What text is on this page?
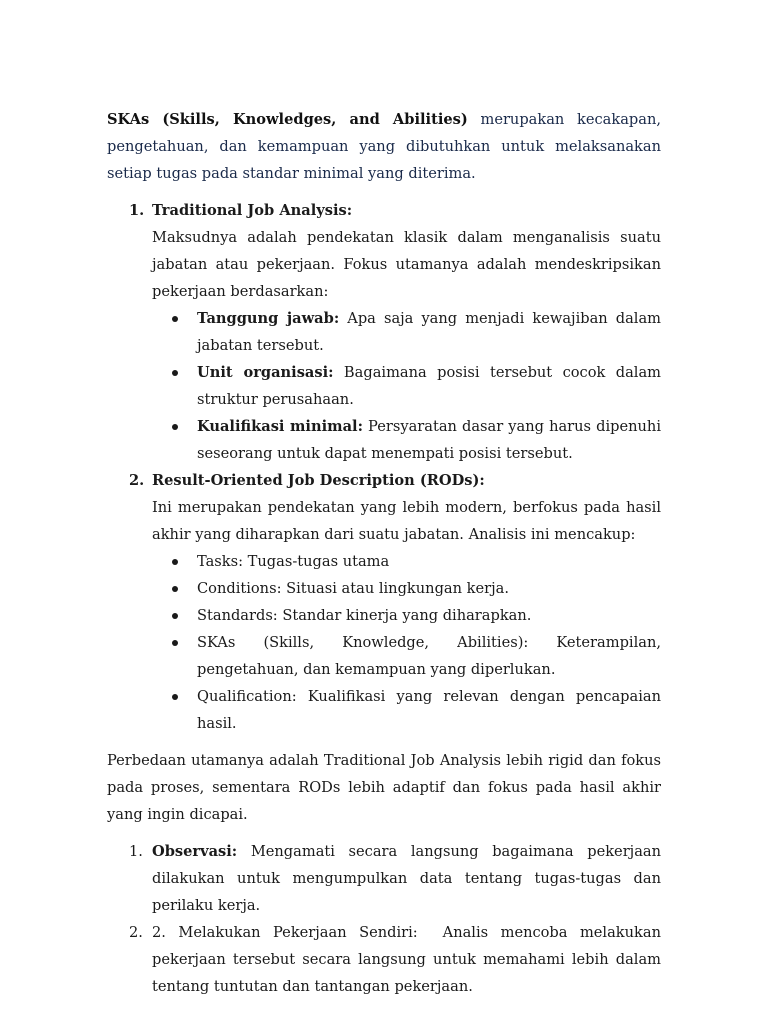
SKAs (Skills, Knowledges, and Abilities) merupakan kecakapan, pengetahuan, dan kemampuan yang dibutuhkan untuk melaksanakan setiap tugas pada standar minimal yang diterima.

1. Traditional Job Analysis:

Maksudnya adalah pendekatan klasik dalam menganalisis suatu jabatan atau pekerjaan. Fokus utamanya adalah mendeskripsikan pekerjaan berdasarkan:

Tanggung jawab: Apa saja yang menjadi kewajiban dalam jabatan tersebut.
Unit organisasi: Bagaimana posisi tersebut cocok dalam struktur perusahaan.
Kualifikasi minimal: Persyaratan dasar yang harus dipenuhi seseorang untuk dapat menempati posisi tersebut.
2. Result-Oriented Job Description (RODs):

Ini merupakan pendekatan yang lebih modern, berfokus pada hasil akhir yang diharapkan dari suatu jabatan. Analisis ini mencakup:

Tasks: Tugas-tugas utama
Conditions: Situasi atau lingkungan kerja.
Standards: Standar kinerja yang diharapkan.
SKAs (Skills, Knowledge, Abilities): Keterampilan, pengetahuan, dan kemampuan yang diperlukan.
Qualification: Kualifikasi yang relevan dengan pencapaian hasil.

Perbedaan utamanya adalah Traditional Job Analysis lebih rigid dan fokus pada proses, sementara RODs lebih adaptif dan fokus pada hasil akhir yang ingin dicapai.

1. Observasi: Mengamati secara langsung bagaimana pekerjaan dilakukan untuk mengumpulkan data tentang tugas-tugas dan perilaku kerja.

2. 2. Melakukan Pekerjaan Sendiri:  Analis mencoba melakukan pekerjaan tersebut secara langsung untuk memahami lebih dalam tentang tuntutan dan tantangan pekerjaan.
